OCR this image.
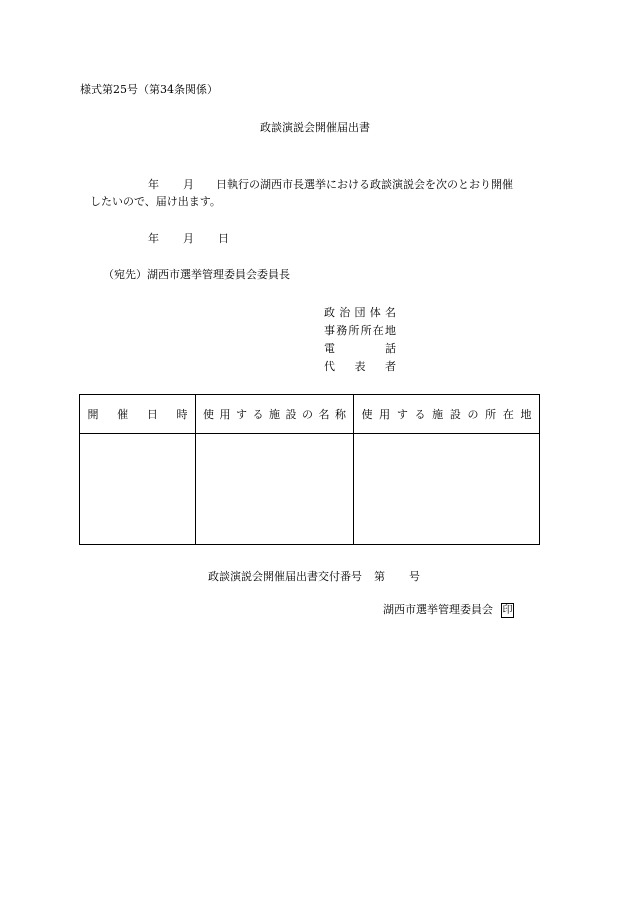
様式第25号（第34条関係）
政談演説会開催届出書
年 月 日執行の湖西市長選挙における政談演説会を次のとおり開催
したいので、届け出ます。
年 月 日
（宛先）湖西市選挙管理委員会委員長
政治団体名
事務所所在地
電話
代表者
開催日時	使用する施設の名称	使用する施設の所在地

政談演説会開催届出書交付番号 第 号
湖西市選挙管理委員会 印
